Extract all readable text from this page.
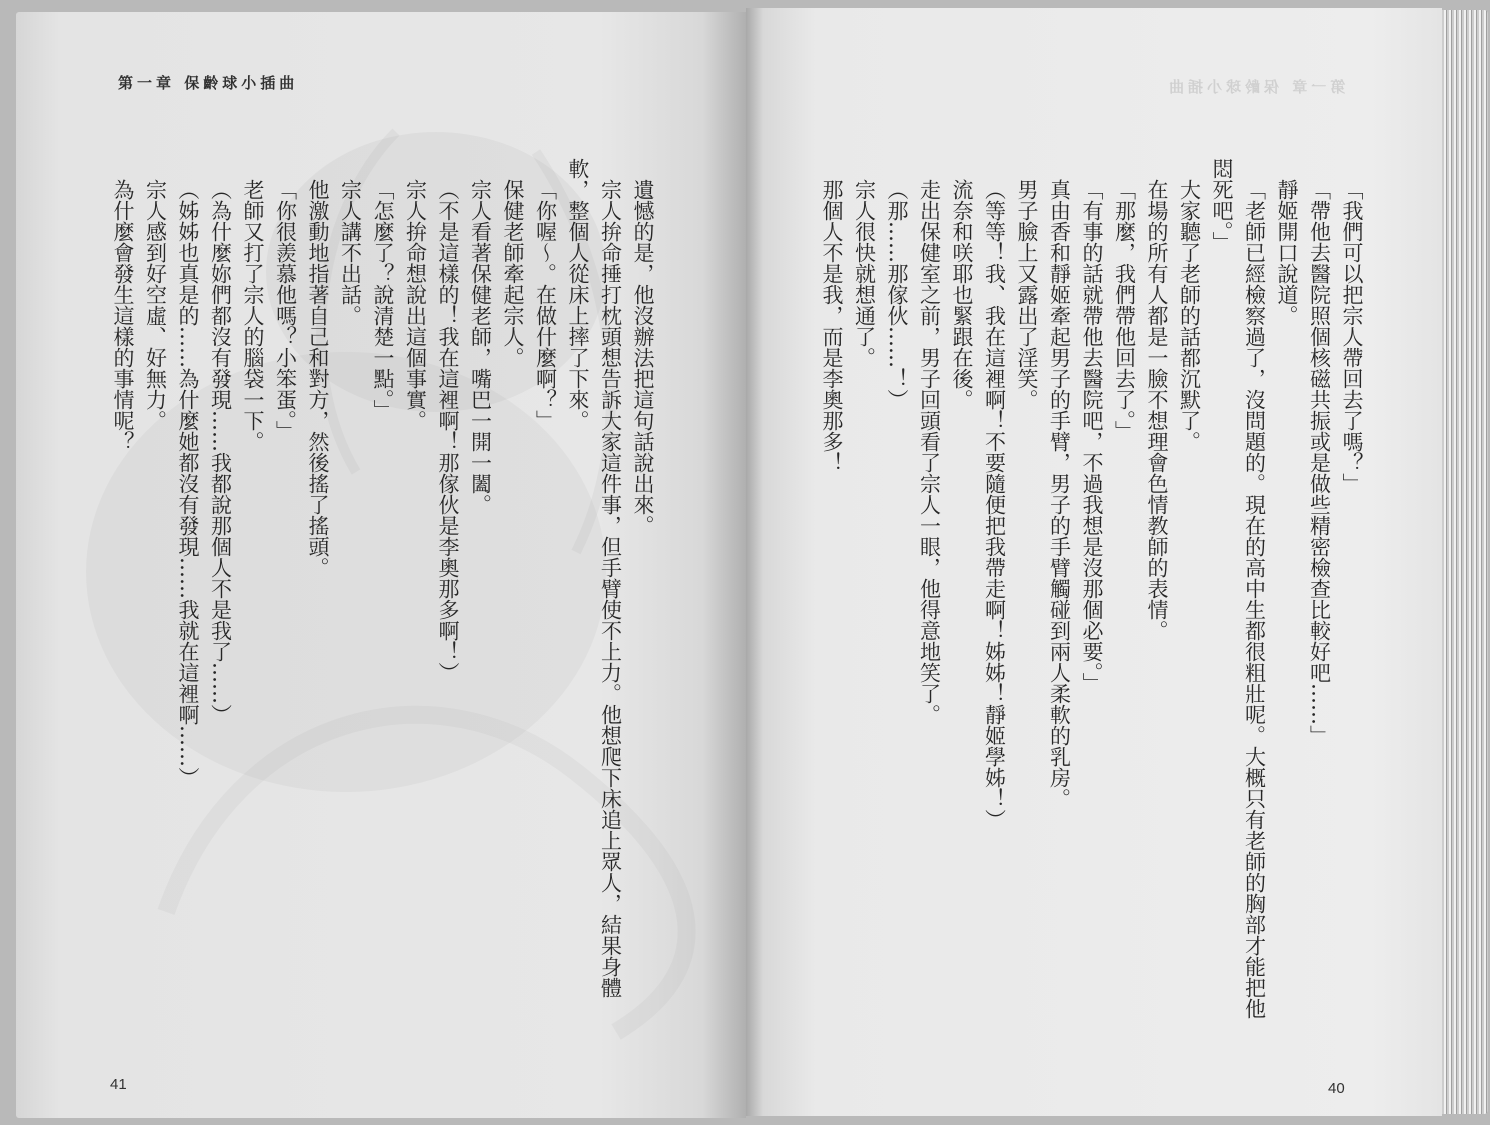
第一章 保齡球小插曲
遺憾的是，他沒辦法把這句話說出來。
宗人拚命捶打枕頭想告訴大家這件事，但手臂使不上力。他想爬下床追上眾人，結果身體
軟，整個人從床上摔了下來。
「你喔～。在做什麼啊？」
保健老師牽起宗人。
宗人看著保健老師，嘴巴一開一闔。
（不是這樣的！我在這裡啊！那傢伙是李奧那多啊！）
宗人拚命想說出這個事實。
「怎麼了？說清楚一點。」
宗人講不出話。
他激動地指著自己和對方，然後搖了搖頭。
「你很羨慕他嗎？小笨蛋。」
老師又打了宗人的腦袋一下。
（為什麼妳們都沒有發現……我都說那個人不是我了……）
（姊姊也真是的……為什麼她都沒有發現……我就在這裡啊……）
宗人感到好空虛、好無力。
為什麼會發生這樣的事情呢？
41
第一章 保齡球小插曲
「我們可以把宗人帶回去了嗎？」
「帶他去醫院照個核磁共振或是做些精密檢查比較好吧……」
靜姬開口說道。
「老師已經檢察過了，沒問題的。現在的高中生都很粗壯呢。大概只有老師的胸部才能把他
悶死吧。」
大家聽了老師的話都沉默了。
在場的所有人都是一臉不想理會色情教師的表情。
「那麼，我們帶他回去了。」
「有事的話就帶他去醫院吧，不過我想是沒那個必要。」
真由香和靜姬牽起男子的手臂，男子的手臂觸碰到兩人柔軟的乳房。
男子臉上又露出了淫笑。
（等等！我、我在這裡啊！不要隨便把我帶走啊！姊姊！靜姬學姊！）
流奈和咲耶也緊跟在後。
走出保健室之前，男子回頭看了宗人一眼，他得意地笑了。
（那……那傢伙……！）
宗人很快就想通了。
那個人不是我，而是李奧那多！
40
